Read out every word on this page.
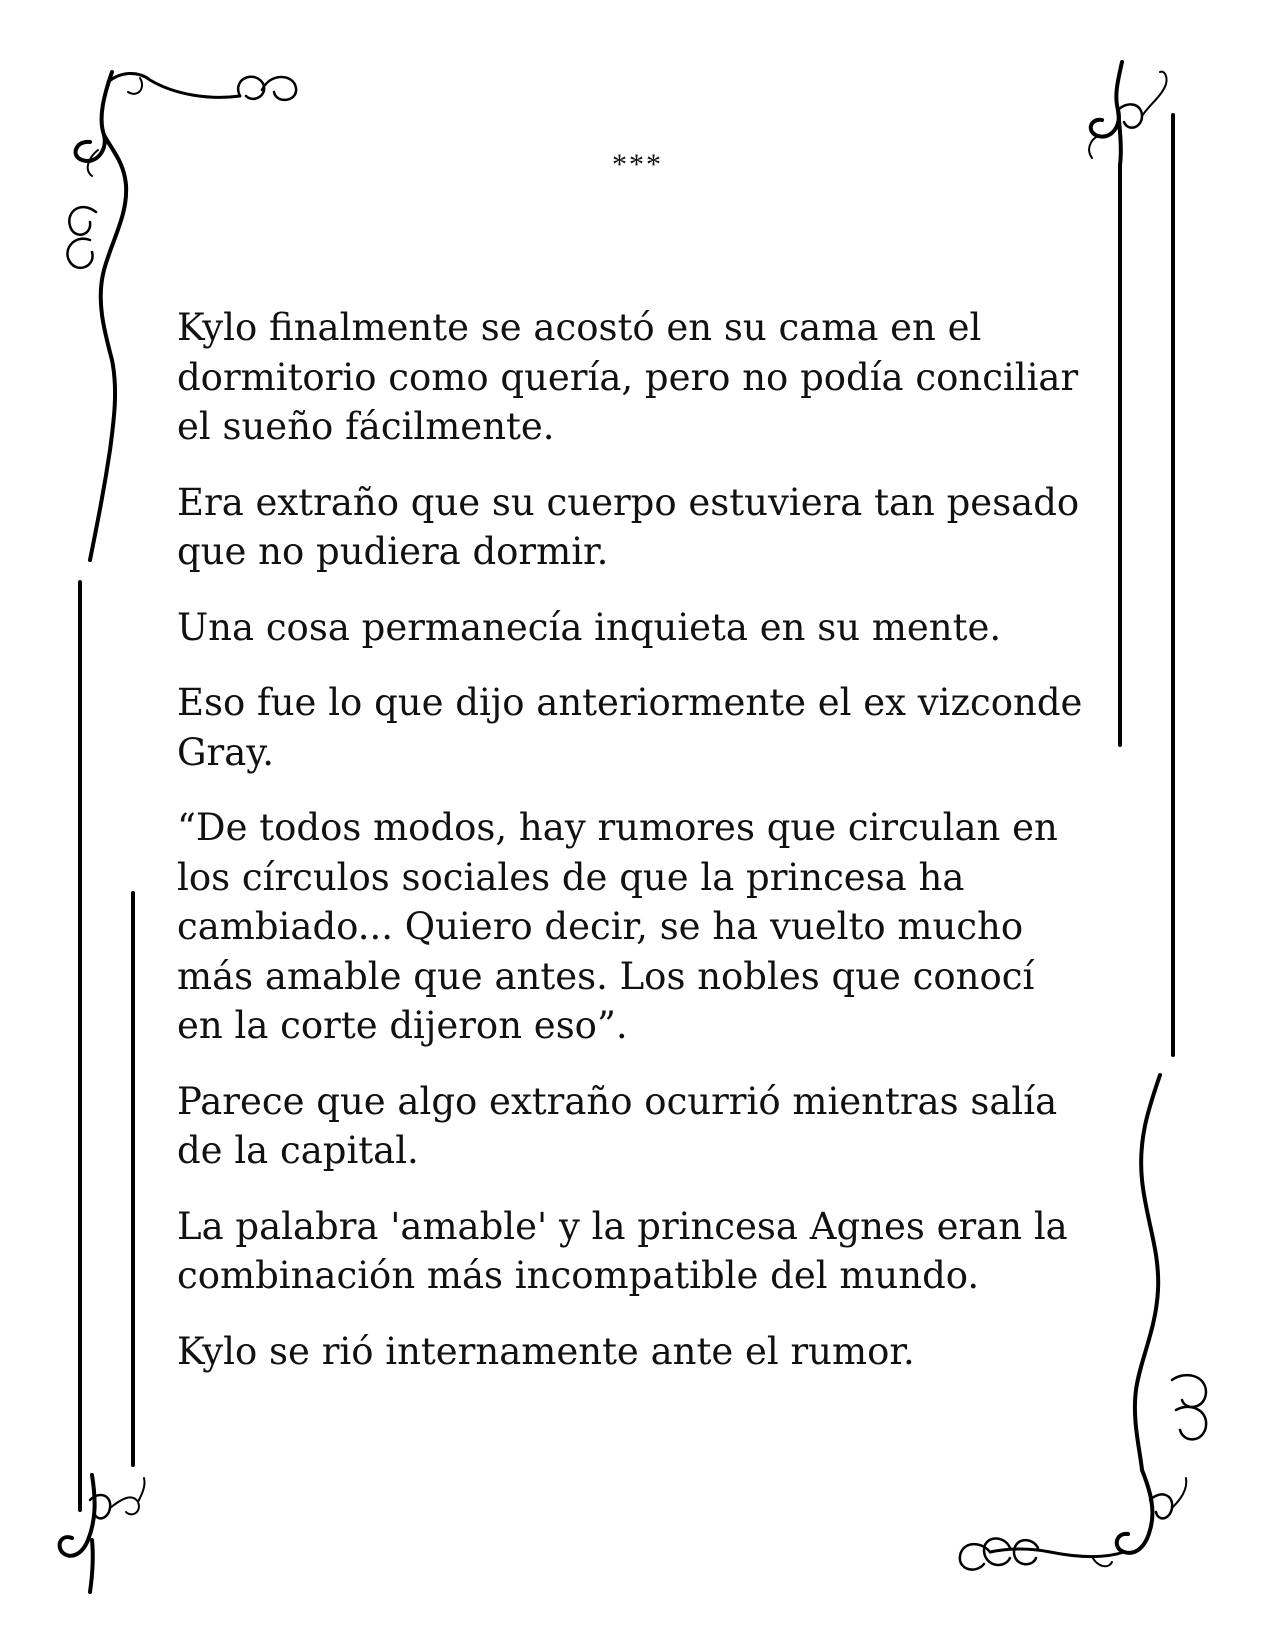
***

Kylo finalmente se acostó en su cama en el
dormitorio como quería, pero no podía conciliar
el sueño fácilmente.

Era extraño que su cuerpo estuviera tan pesado
que no pudiera dormir.

Una cosa permanecía inquieta en su mente.

Eso fue lo que dijo anteriormente el ex vizconde
Gray.

“De todos modos, hay rumores que circulan en
los círculos sociales de que la princesa ha
cambiado... Quiero decir, se ha vuelto mucho
más amable que antes. Los nobles que conocí
en la corte dijeron eso”.

Parece que algo extraño ocurrió mientras salía
de la capital.

La palabra 'amable' y la princesa Agnes eran la
combinación más incompatible del mundo.

Kylo se rió internamente ante el rumor.
